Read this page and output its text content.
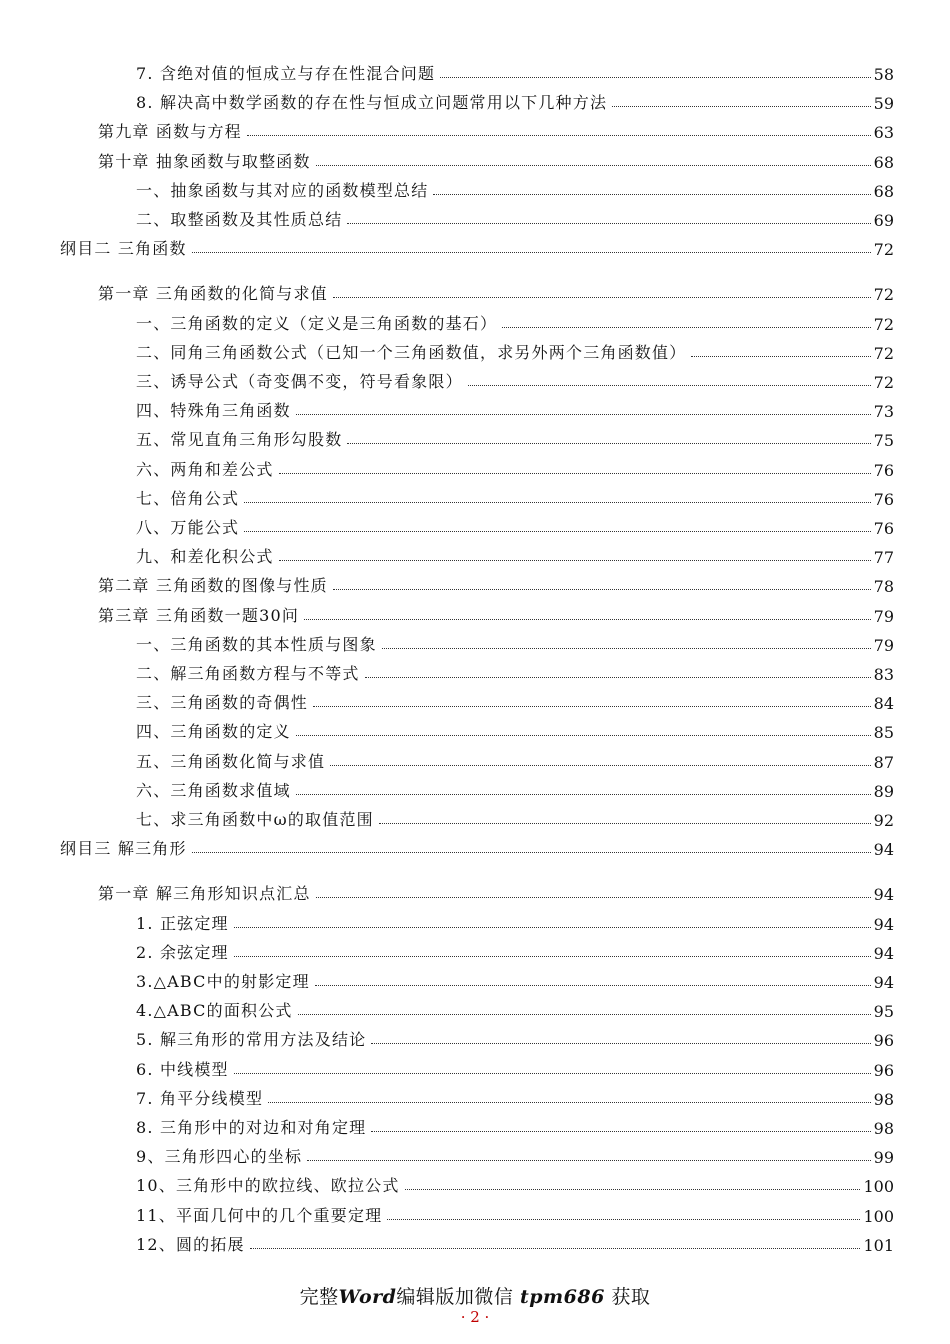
7. 含绝对值的恒成立与存在性混合问题	58
8. 解决高中数学函数的存在性与恒成立问题常用以下几种方法	59
第九章 函数与方程	63
第十章 抽象函数与取整函数	68
一、抽象函数与其对应的函数模型总结	68
二、取整函数及其性质总结	69
纲目二 三角函数	72
第一章 三角函数的化简与求值	72
一、三角函数的定义（定义是三角函数的基石）	72
二、同角三角函数公式（已知一个三角函数值，求另外两个三角函数值）	72
三、诱导公式（奇变偶不变，符号看象限）	72
四、特殊角三角函数	73
五、常见直角三角形勾股数	75
六、两角和差公式	76
七、倍角公式	76
八、万能公式	76
九、和差化积公式	77
第二章 三角函数的图像与性质	78
第三章 三角函数一题30问	79
一、三角函数的其本性质与图象	79
二、解三角函数方程与不等式	83
三、三角函数的奇偶性	84
四、三角函数的定义	85
五、三角函数化简与求值	87
六、三角函数求值域	89
七、求三角函数中ω的取值范围	92
纲目三 解三角形	94
第一章 解三角形知识点汇总	94
1. 正弦定理	94
2. 余弦定理	94
3.△ABC中的射影定理	94
4.△ABC的面积公式	95
5. 解三角形的常用方法及结论	96
6. 中线模型	96
7. 角平分线模型	98
8. 三角形中的对边和对角定理	98
9、三角形四心的坐标	99
10、三角形中的欧拉线、欧拉公式	100
11、平面几何中的几个重要定理	100
12、圆的拓展	101
完整Word编辑版加微信 tpm686 获取
· 2 ·
